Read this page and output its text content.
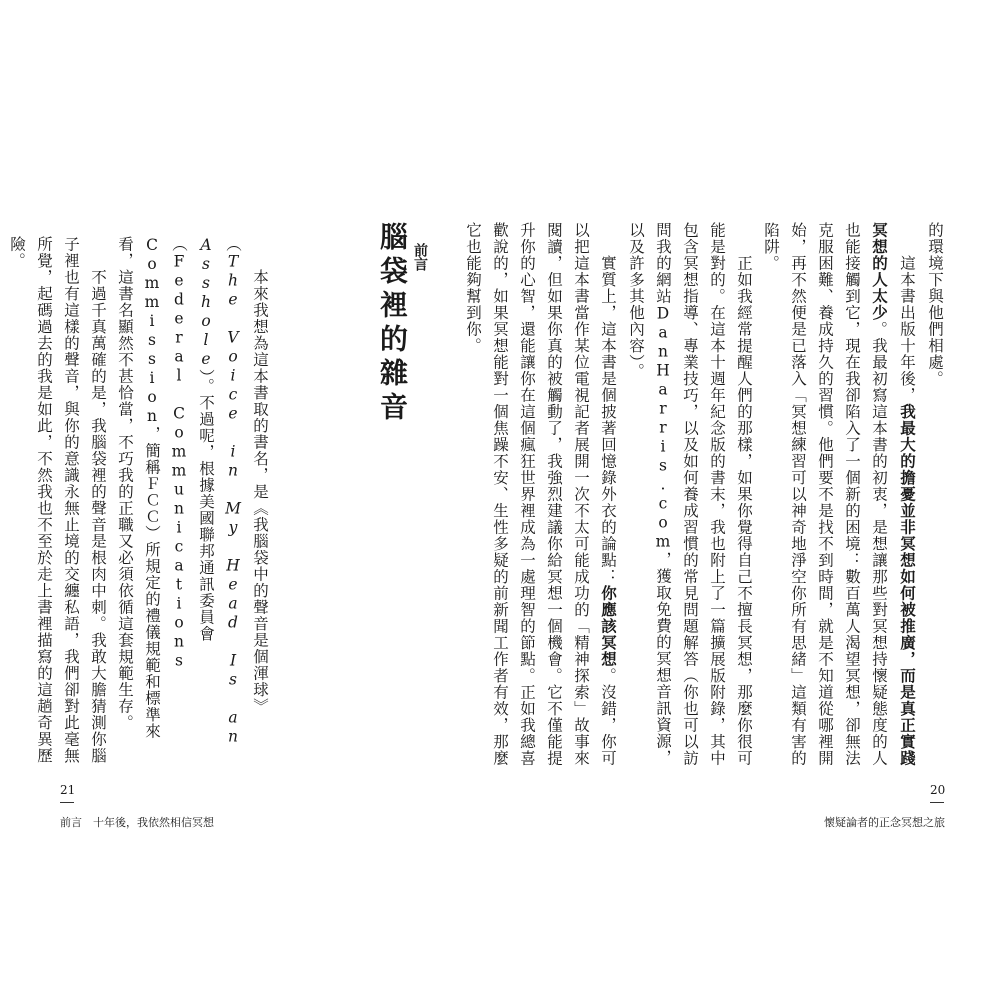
　　本來我想為這本書取的書名，是《我腦袋中的聲音是個渾球》（The Voice in My Head Is an Asshole）。不過呢，根據美國聯邦通訊委員會（Federal Communications Commission，簡稱ＦＣＣ）所規定的禮儀規範和標準來看，這書名顯然不甚恰當，不巧我的正職又必須依循這套規範生存。
　　不過千真萬確的是，我腦袋裡的聲音是根肉中刺。我敢大膽猜測你腦子裡也有這樣的聲音，與你的意識永無止境的交纏私語，我們卻對此毫無所覺，起碼過去的我是如此，不然我也不至於走上書裡描寫的這趟奇異歷險。	前言
腦袋裡的雜音
21
前言　十年後，我依然相信冥想
的環境下與他們相處。
　　這本書出版十年後，我最大的擔憂並非冥想如何被推廣，而是真正實踐冥想的人太少。我最初寫這本書的初衷，是想讓那些對冥想持懷疑態度的人也能接觸到它，現在我卻陷入了一個新的困境：數百萬人渴望冥想，卻無法克服困難、養成持久的習慣。他們要不是找不到時間，就是不知道從哪裡開始，再不然便是已落入「冥想練習可以神奇地淨空你所有思緒」這類有害的陷阱。
　　正如我經常提醒人們的那樣，如果你覺得自己不擅長冥想，那麼你很可能是對的。在這本十週年紀念版的書末，我也附上了一篇擴展版附錄，其中包含冥想指導、專業技巧，以及如何養成習慣的常見問題解答（你也可以訪問我的網站DanHarris.com，獲取免費的冥想音訊資源，以及許多其他內容）。
　　實質上，這本書是個披著回憶錄外衣的論點：你應該冥想。沒錯，你可以把這本書當作某位電視記者展開一次不太可能成功的「精神探索」故事來閱讀，但如果你真的被觸動了，我強烈建議你給冥想一個機會。它不僅能提升你的心智，還能讓你在這個瘋狂世界裡成為一處理智的節點。正如我總喜歡說的，如果冥想能對一個焦躁不安、生性多疑的前新聞工作者有效，那麼它也能夠幫到你。
20
懷疑論者的正念冥想之旅
